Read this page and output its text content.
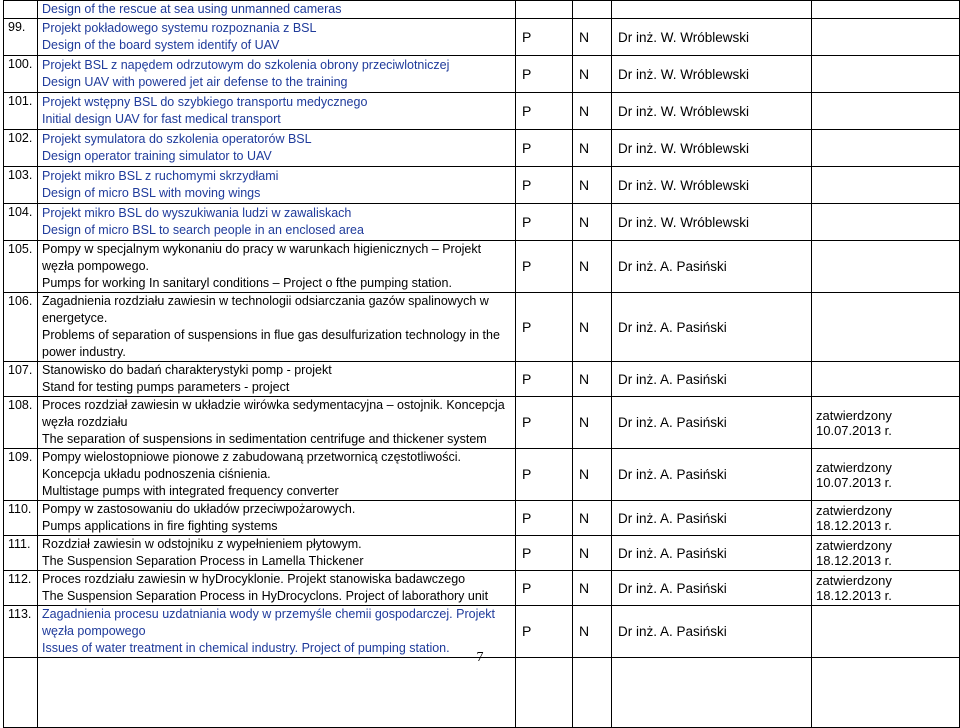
	Design of the rescue at sea using unmanned cameras				

99.	Projekt pokładowego systemu rozpoznania z BSL
Design of the board system identify of UAV	P	N	Dr inż. W. Wróblewski	
100.	Projekt BSL z napędem odrzutowym do szkolenia obrony przeciwlotniczej
Design UAV with powered jet air defense to the training	P	N	Dr inż. W. Wróblewski	
101.	Projekt wstępny BSL do szybkiego transportu medycznego
Initial design UAV for fast medical transport	P	N	Dr inż. W. Wróblewski	
102.	Projekt symulatora do szkolenia operatorów BSL
Design operator training simulator to UAV	P	N	Dr inż. W. Wróblewski	
103.	Projekt mikro BSL z ruchomymi skrzydłami
Design of micro BSL with moving wings	P	N	Dr inż. W. Wróblewski	
104.	Projekt mikro BSL do wyszukiwania ludzi w zawaliskach
Design of micro BSL to search people in an enclosed area	P	N	Dr inż. W. Wróblewski	
105.	Pompy w specjalnym wykonaniu do pracy w warunkach higienicznych – Projekt węzła pompowego.
Pumps for working In sanitaryl conditions – Project o fthe pumping station.	P	N	Dr inż. A. Pasiński	
106.	Zagadnienia rozdziału zawiesin w technologii odsiarczania gazów spalinowych w energetyce.
Problems of separation of suspensions in flue gas desulfurization technology in the power industry.	P	N	Dr inż. A. Pasiński	
107.	Stanowisko do badań charakterystyki pomp - projekt
Stand for testing pumps parameters - project	P	N	Dr inż. A. Pasiński	
108.	Proces rozdział zawiesin w układzie wirówka sedymentacyjna – ostojnik. Koncepcja węzła rozdziału
The separation of suspensions in sedimentation centrifuge and thickener system	P	N	Dr inż. A. Pasiński	zatwierdzony
10.07.2013 r.

109.	Pompy wielostopniowe pionowe z zabudowaną przetwornicą częstotliwości.
Koncepcja układu podnoszenia ciśnienia.
Multistage pumps with integrated frequency converter	P	N	Dr inż. A. Pasiński	zatwierdzony
10.07.2013 r.

110.	Pompy w zastosowaniu do układów przeciwpożarowych.
Pumps applications in fire fighting systems	P	N	Dr inż. A. Pasiński	zatwierdzony
18.12.2013 r.

111.	Rozdział zawiesin w odstojniku z wypełnieniem płytowym.
The Suspension Separation Process in Lamella Thickener	P	N	Dr inż. A. Pasiński	zatwierdzony
18.12.2013 r.

112.	Proces rozdziału zawiesin w hyDrocyklonie. Projekt stanowiska badawczego
The Suspension Separation Process in HyDrocyclons. Project of laborathory unit	P	N	Dr inż. A. Pasiński	zatwierdzony
18.12.2013 r.

113.	Zagadnienia procesu uzdatniania wody w przemyśle chemii gospodarczej. Projekt węzła pompowego
Issues of water treatment in chemical industry. Project of pumping station.	P	N	Dr inż. A. Pasiński	

7
